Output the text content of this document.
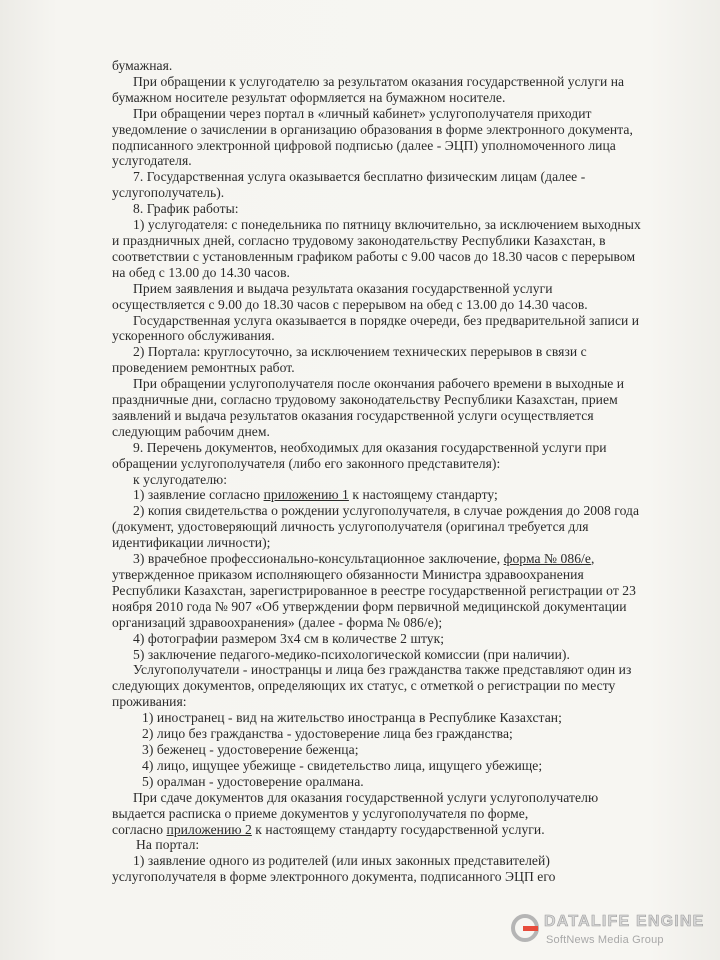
бумажная.

При обращении к услугодателю за результатом оказания государственной услуги на

бумажном носителе результат оформляется на бумажном носителе.

При обращении через портал в «личный кабинет» услугополучателя приходит

уведомление о зачислении в организацию образования в форме электронного документа,

подписанного электронной цифровой подписью (далее - ЭЦП) уполномоченного лица

услугодателя.

7. Государственная услуга оказывается бесплатно физическим лицам (далее -

услугополучатель).

8. График работы:

1) услугодателя: с понедельника по пятницу включительно, за исключением выходных

и праздничных дней, согласно трудовому законодательству Республики Казахстан, в

соответствии с установленным графиком работы с 9.00 часов до 18.30 часов с перерывом

на обед с 13.00 до 14.30 часов.

Прием заявления и выдача результата оказания государственной услуги

осуществляется с 9.00 до 18.30 часов с перерывом на обед с 13.00 до 14.30 часов.

Государственная услуга оказывается в порядке очереди, без предварительной записи и

ускоренного обслуживания.

2) Портала: круглосуточно, за исключением технических перерывов в связи с

проведением ремонтных работ.

При обращении услугополучателя после окончания рабочего времени в выходные и

праздничные дни, согласно трудовому законодательству Республики Казахстан, прием

заявлений и выдача результатов оказания государственной услуги осуществляется

следующим рабочим днем.

9. Перечень документов, необходимых для оказания государственной услуги при

обращении услугополучателя (либо его законного представителя):

к услугодателю:

1) заявление согласно приложению 1 к настоящему стандарту;

2) копия свидетельства о рождении услугополучателя, в случае рождения до 2008 года

(документ, удостоверяющий личность услугополучателя (оригинал требуется для

идентификации личности);

3) врачебное профессионально-консультационное заключение, форма № 086/е,

утвержденное приказом исполняющего обязанности Министра здравоохранения

Республики Казахстан, зарегистрированное в реестре государственной регистрации от 23

ноября 2010 года № 907 «Об утверждении форм первичной медицинской документации

организаций здравоохранения» (далее - форма № 086/е);

4) фотографии размером 3х4 см в количестве 2 штук;

5) заключение педагого-медико-психологической комиссии (при наличии).

Услугополучатели - иностранцы и лица без гражданства также представляют один из

следующих документов, определяющих их статус, с отметкой о регистрации по месту

проживания:

1) иностранец - вид на жительство иностранца в Республике Казахстан;

2) лицо без гражданства - удостоверение лица без гражданства;

3) беженец - удостоверение беженца;

4) лицо, ищущее убежище - свидетельство лица, ищущего убежище;

5) оралман - удостоверение оралмана.

При сдаче документов для оказания государственной услуги услугополучателю

выдается расписка о приеме документов у услугополучателя по форме,

согласно приложению 2 к настоящему стандарту государственной услуги.

На портал:

1) заявление одного из родителей (или иных законных представителей)

услугополучателя в форме электронного документа, подписанного ЭЦП его

DATALIFE ENGINE
SoftNews Media Group
